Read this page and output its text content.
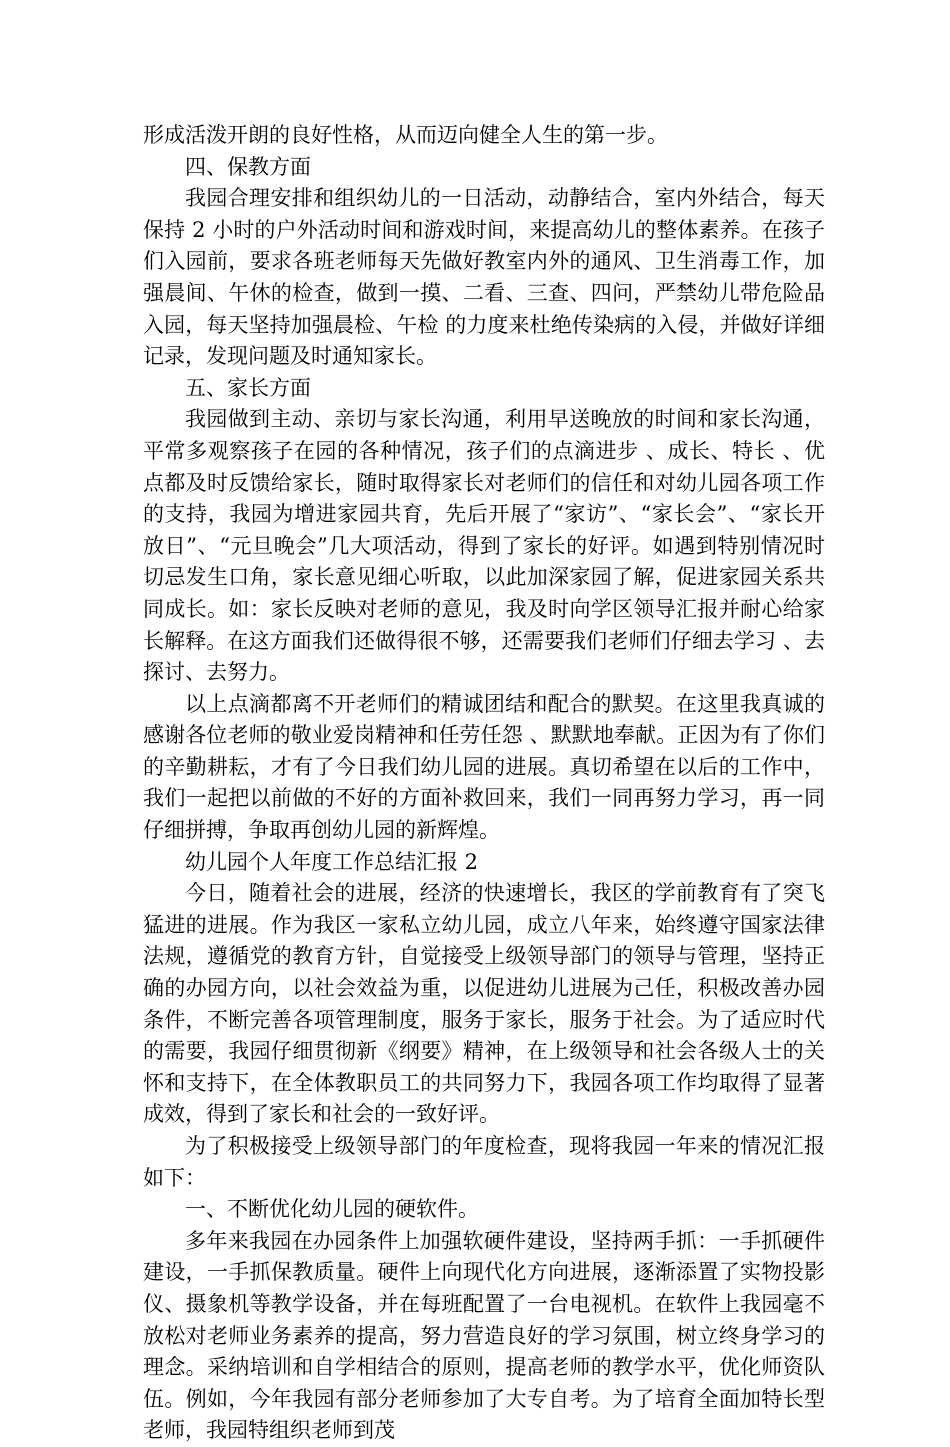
形成活泼开朗的良好性格，从而迈向健全人生的第一步。

四、保教方面

我园合理安排和组织幼儿的一日活动，动静结合，室内外结合，每天保持 2 小时的户外活动时间和游戏时间，来提高幼儿的整体素养。在孩子们入园前，要求各班老师每天先做好教室内外的通风、卫生消毒工作，加强晨间、午休的检查，做到一摸、二看、三查、四问，严禁幼儿带危险品入园，每天坚持加强晨检、午检 的力度来杜绝传染病的入侵，并做好详细记录，发现问题及时通知家长。

五、家长方面

我园做到主动、亲切与家长沟通，利用早送晚放的时间和家长沟通，平常多观察孩子在园的各种情况，孩子们的点滴进步 、成长、特长 、优点都及时反馈给家长，随时取得家长对老师们的信任和对幼儿园各项工作的支持，我园为增进家园共育，先后开展了“家访”、“家长会”、“家长开放日”、“元旦晚会”几大项活动，得到了家长的好评。如遇到特别情况时切忌发生口角，家长意见细心听取，以此加深家园了解，促进家园关系共同成长。如：家长反映对老师的意见，我及时向学区领导汇报并耐心给家长解释。在这方面我们还做得很不够，还需要我们老师们仔细去学习 、去探讨、去努力。

以上点滴都离不开老师们的精诚团结和配合的默契。在这里我真诚的感谢各位老师的敬业爱岗精神和任劳任怨 、默默地奉献。正因为有了你们的辛勤耕耘，才有了今日我们幼儿园的进展。真切希望在以后的工作中，我们一起把以前做的不好的方面补救回来，我们一同再努力学习，再一同仔细拼搏，争取再创幼儿园的新辉煌。

幼儿园个人年度工作总结汇报 2

今日，随着社会的进展，经济的快速增长，我区的学前教育有了突飞猛进的进展。作为我区一家私立幼儿园，成立八年来，始终遵守国家法律法规，遵循党的教育方针，自觉接受上级领导部门的领导与管理，坚持正确的办园方向，以社会效益为重，以促进幼儿进展为己任，积极改善办园条件，不断完善各项管理制度，服务于家长，服务于社会。为了适应时代的需要，我园仔细贯彻新《纲要》精神，在上级领导和社会各级人士的关怀和支持下，在全体教职员工的共同努力下，我园各项工作均取得了显著成效，得到了家长和社会的一致好评。

为了积极接受上级领导部门的年度检查，现将我园一年来的情况汇报如下：

一、不断优化幼儿园的硬软件。

多年来我园在办园条件上加强软硬件建设，坚持两手抓：一手抓硬件建设，一手抓保教质量。硬件上向现代化方向进展，逐渐添置了实物投影仪、摄象机等教学设备，并在每班配置了一台电视机。在软件上我园毫不放松对老师业务素养的提高，努力营造良好的学习氛围，树立终身学习的理念。采纳培训和自学相结合的原则，提高老师的教学水平，优化师资队伍。例如，今年我园有部分老师参加了大专自考。为了培育全面加特长型老师，我园特组织老师到茂
